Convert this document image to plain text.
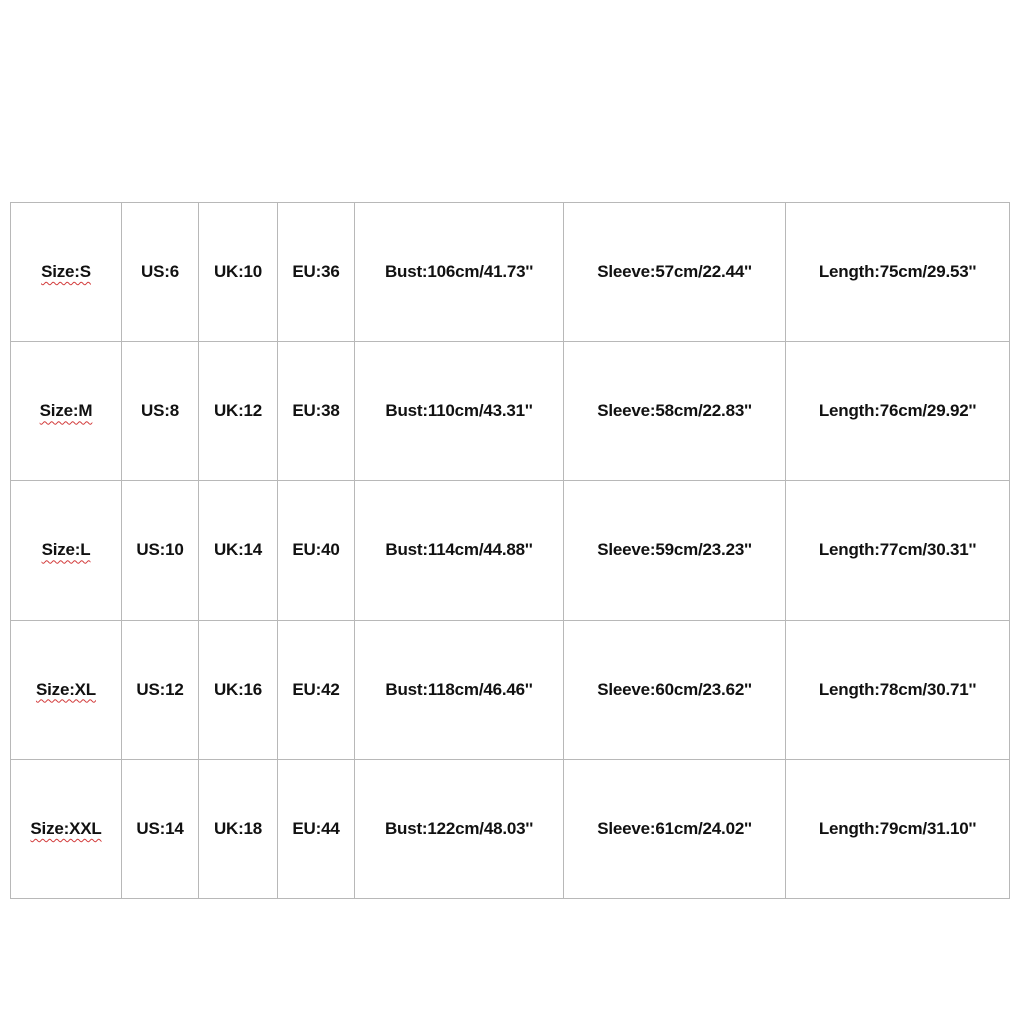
Size:S	US:6	UK:10	EU:36	Bust:106cm/41.73''	Sleeve:57cm/22.44''	Length:75cm/29.53''
Size:M	US:8	UK:12	EU:38	Bust:110cm/43.31''	Sleeve:58cm/22.83''	Length:76cm/29.92''
Size:L	US:10	UK:14	EU:40	Bust:114cm/44.88''	Sleeve:59cm/23.23''	Length:77cm/30.31''
Size:XL	US:12	UK:16	EU:42	Bust:118cm/46.46''	Sleeve:60cm/23.62''	Length:78cm/30.71''
Size:XXL	US:14	UK:18	EU:44	Bust:122cm/48.03''	Sleeve:61cm/24.02''	Length:79cm/31.10''
